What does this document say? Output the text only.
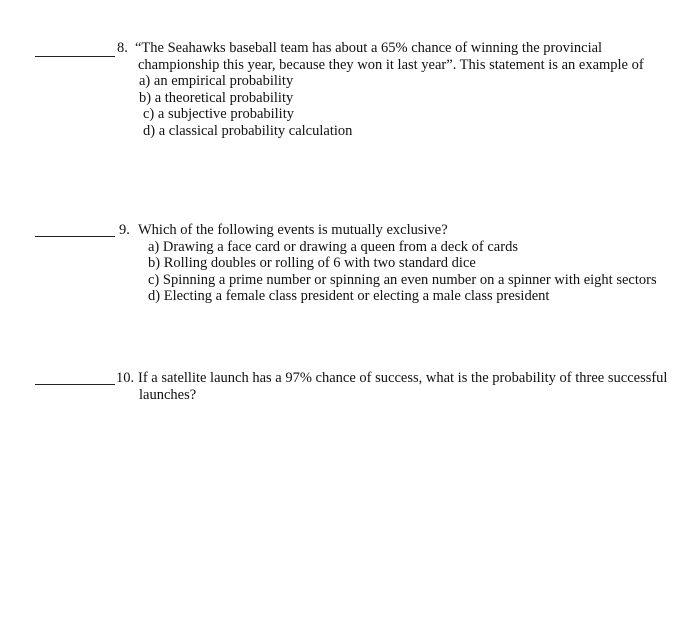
8. “The Seahawks baseball team has about a 65% chance of winning the provincial
championship this year, because they won it last year”. This statement is an example of
a) an empirical probability
b) a theoretical probability
c) a subjective probability
d) a classical probability calculation
9. Which of the following events is mutually exclusive?
a) Drawing a face card or drawing a queen from a deck of cards
b) Rolling doubles or rolling of 6 with two standard dice
c) Spinning a prime number or spinning an even number on a spinner with eight sectors
d) Electing a female class president or electing a male class president
10. If a satellite launch has a 97% chance of success, what is the probability of three successful
launches?
